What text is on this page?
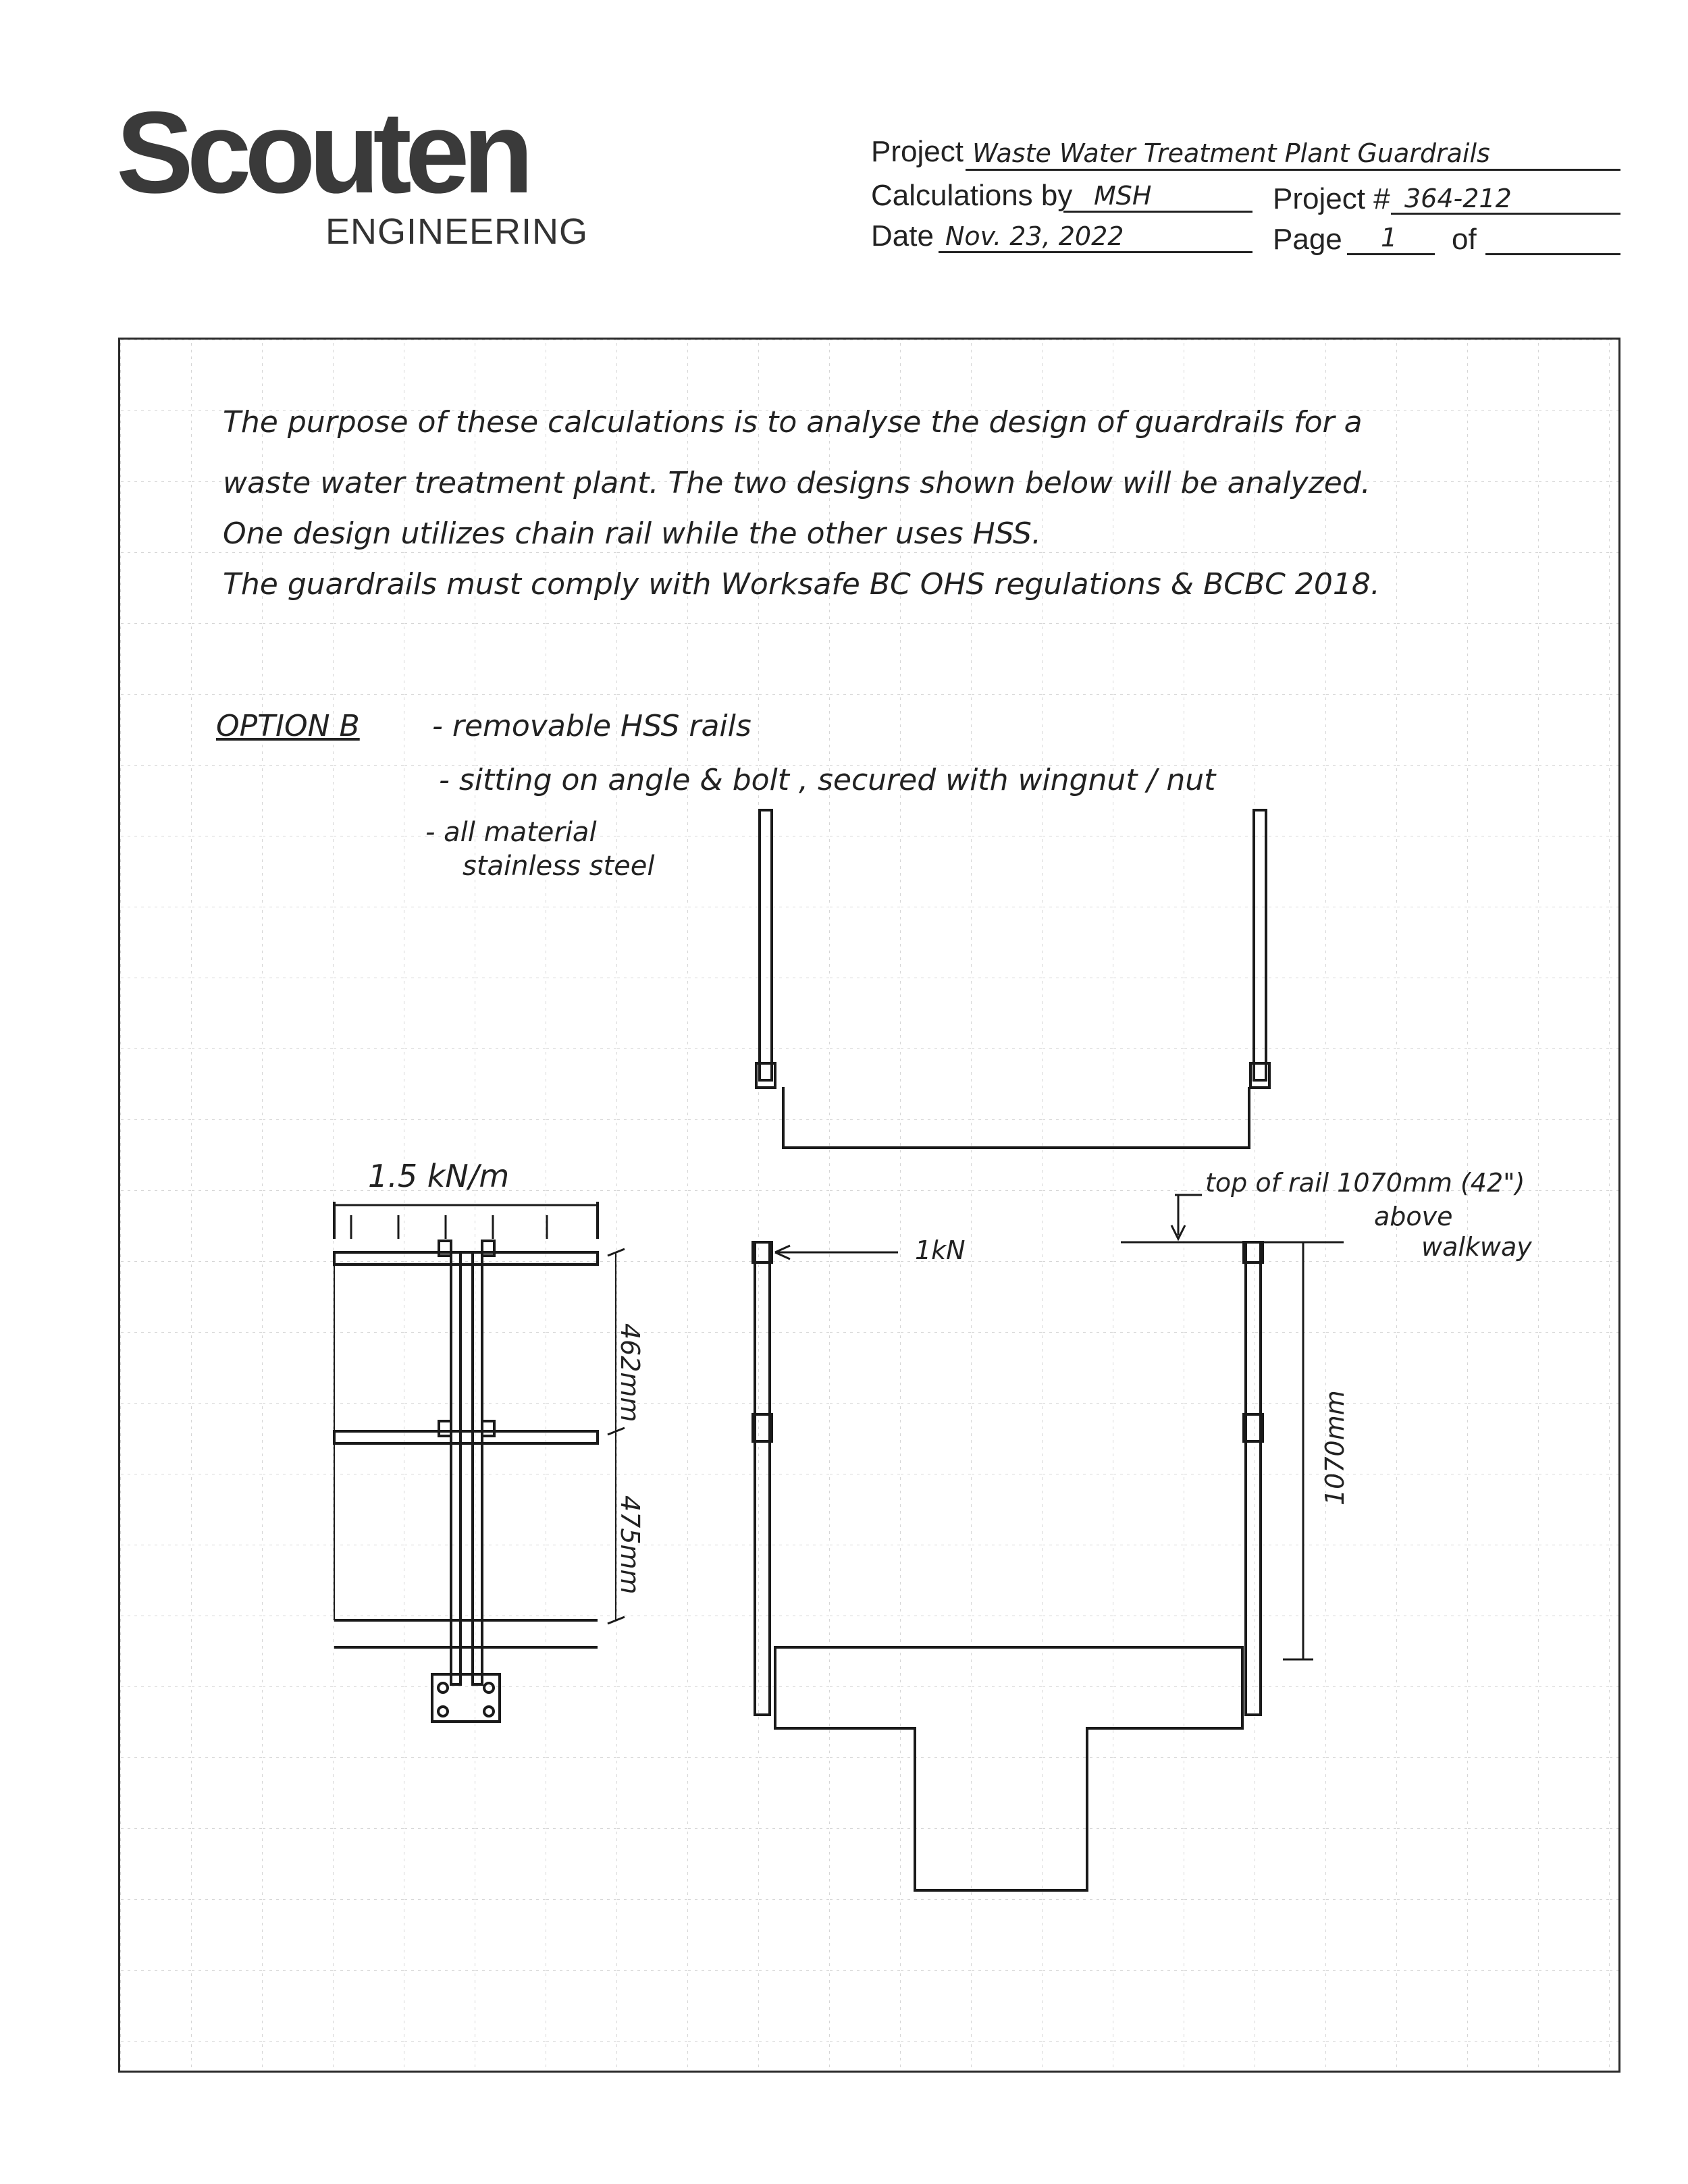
Scouten
ENGINEERING
Project Waste Water Treatment Plant Guardrails
Calculations by MSH	Project # 364-212
Date Nov. 23, 2022	Page 1 of
The purpose of these calculations is to analyse the design of guardrails for a
waste water treatment plant. The two designs shown below will be analyzed.
One design utilizes chain rail while the other uses HSS.
The guardrails must comply with Worksafe BC OHS regulations & BCBC 2018.
OPTION B - removable HSS rails
- sitting on angle & bolt , secured with wingnut / nut
- all material
stainless steel
1.5 kN/m
1kN
462mm
475mm
top of rail 1070mm (42")
above
walkway
1070mm
